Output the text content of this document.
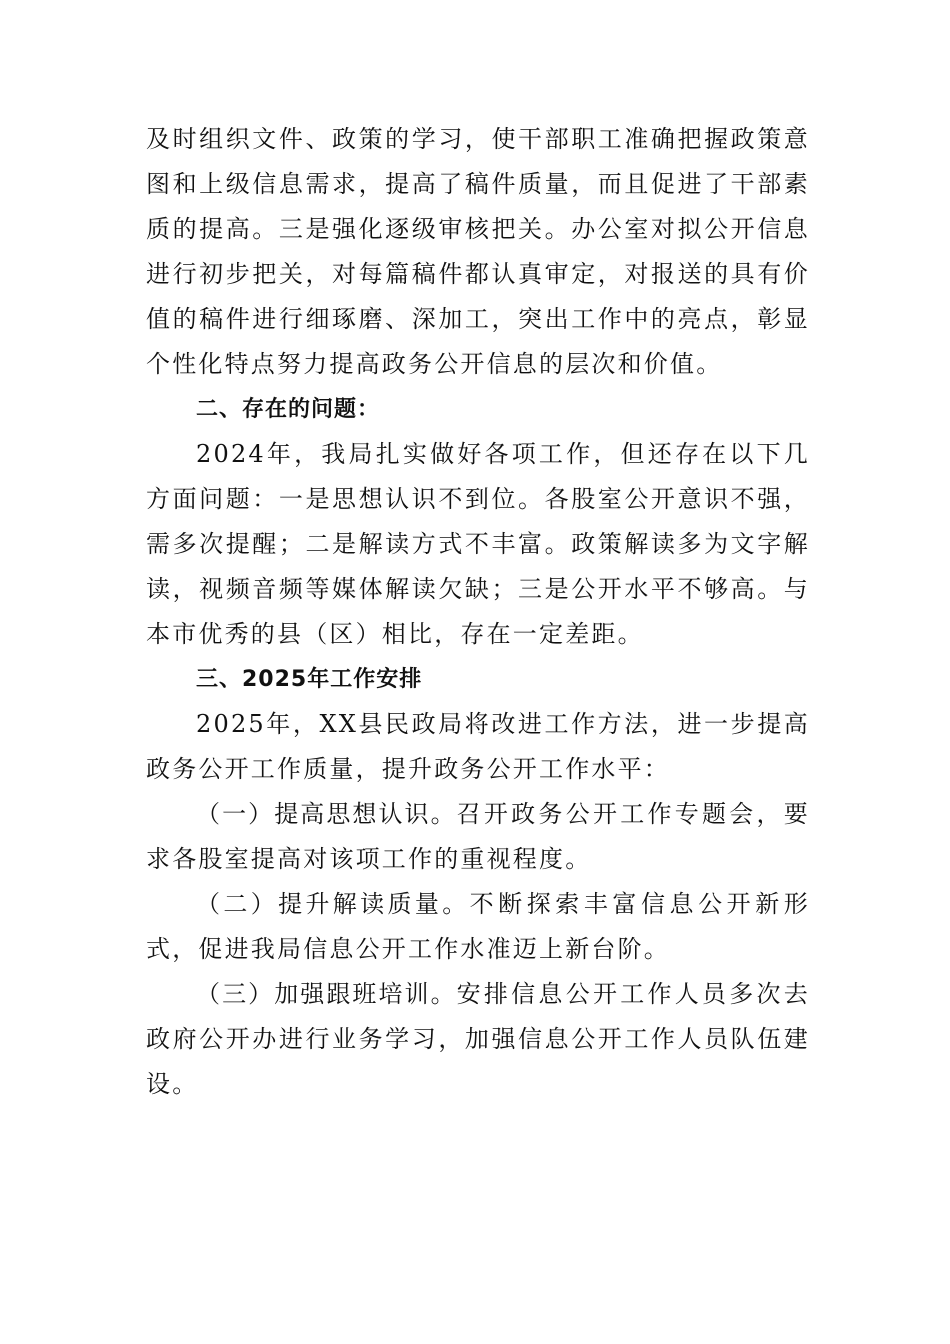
及时组织文件、政策的学习，使干部职工准确把握政策意图和上级信息需求，提高了稿件质量，而且促进了干部素质的提高。三是强化逐级审核把关。办公室对拟公开信息进行初步把关，对每篇稿件都认真审定，对报送的具有价值的稿件进行细琢磨、深加工，突出工作中的亮点，彰显个性化特点努力提高政务公开信息的层次和价值。

二、存在的问题：

2024年，我局扎实做好各项工作，但还存在以下几方面问题：一是思想认识不到位。各股室公开意识不强，需多次提醒；二是解读方式不丰富。政策解读多为文字解读，视频音频等媒体解读欠缺；三是公开水平不够高。与本市优秀的县（区）相比，存在一定差距。

三、2025年工作安排

2025年，XX县民政局将改进工作方法，进一步提高政务公开工作质量，提升政务公开工作水平：

（一）提高思想认识。召开政务公开工作专题会，要求各股室提高对该项工作的重视程度。

（二）提升解读质量。不断探索丰富信息公开新形式，促进我局信息公开工作水准迈上新台阶。

（三）加强跟班培训。安排信息公开工作人员多次去政府公开办进行业务学习，加强信息公开工作人员队伍建设。
